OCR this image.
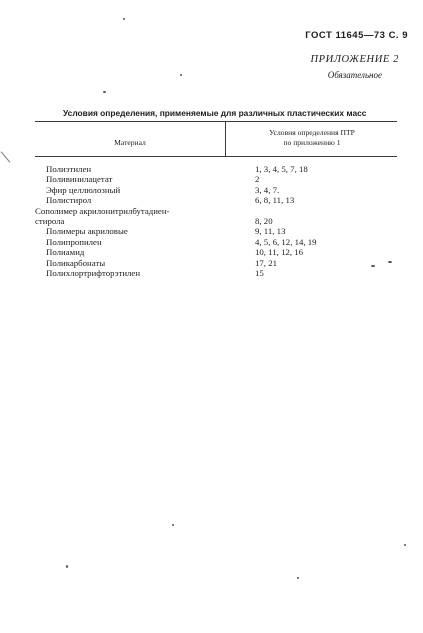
ГОСТ 11645—73 С. 9
ПРИЛОЖЕНИЕ 2
Обязательное
Условия определения, применяемые для различных пластических масс
Материал
Условия определения ПТР
по приложению 1
Полиэтилен	1, 3, 4, 5, 7, 18
Поливинилацетат	2
Эфир целлюлозный	3, 4, 7.
Полистирол	6, 8, 11, 13
Сополимер акрилонитрилбутадиен-
стирола	8, 20
Полимеры акриловые	9, 11, 13
Полипропилен	4, 5, 6, 12, 14, 19
Полиамид	10, 11, 12, 16
Поликарбонаты	17, 21
Полихлортрифторэтилен	15
